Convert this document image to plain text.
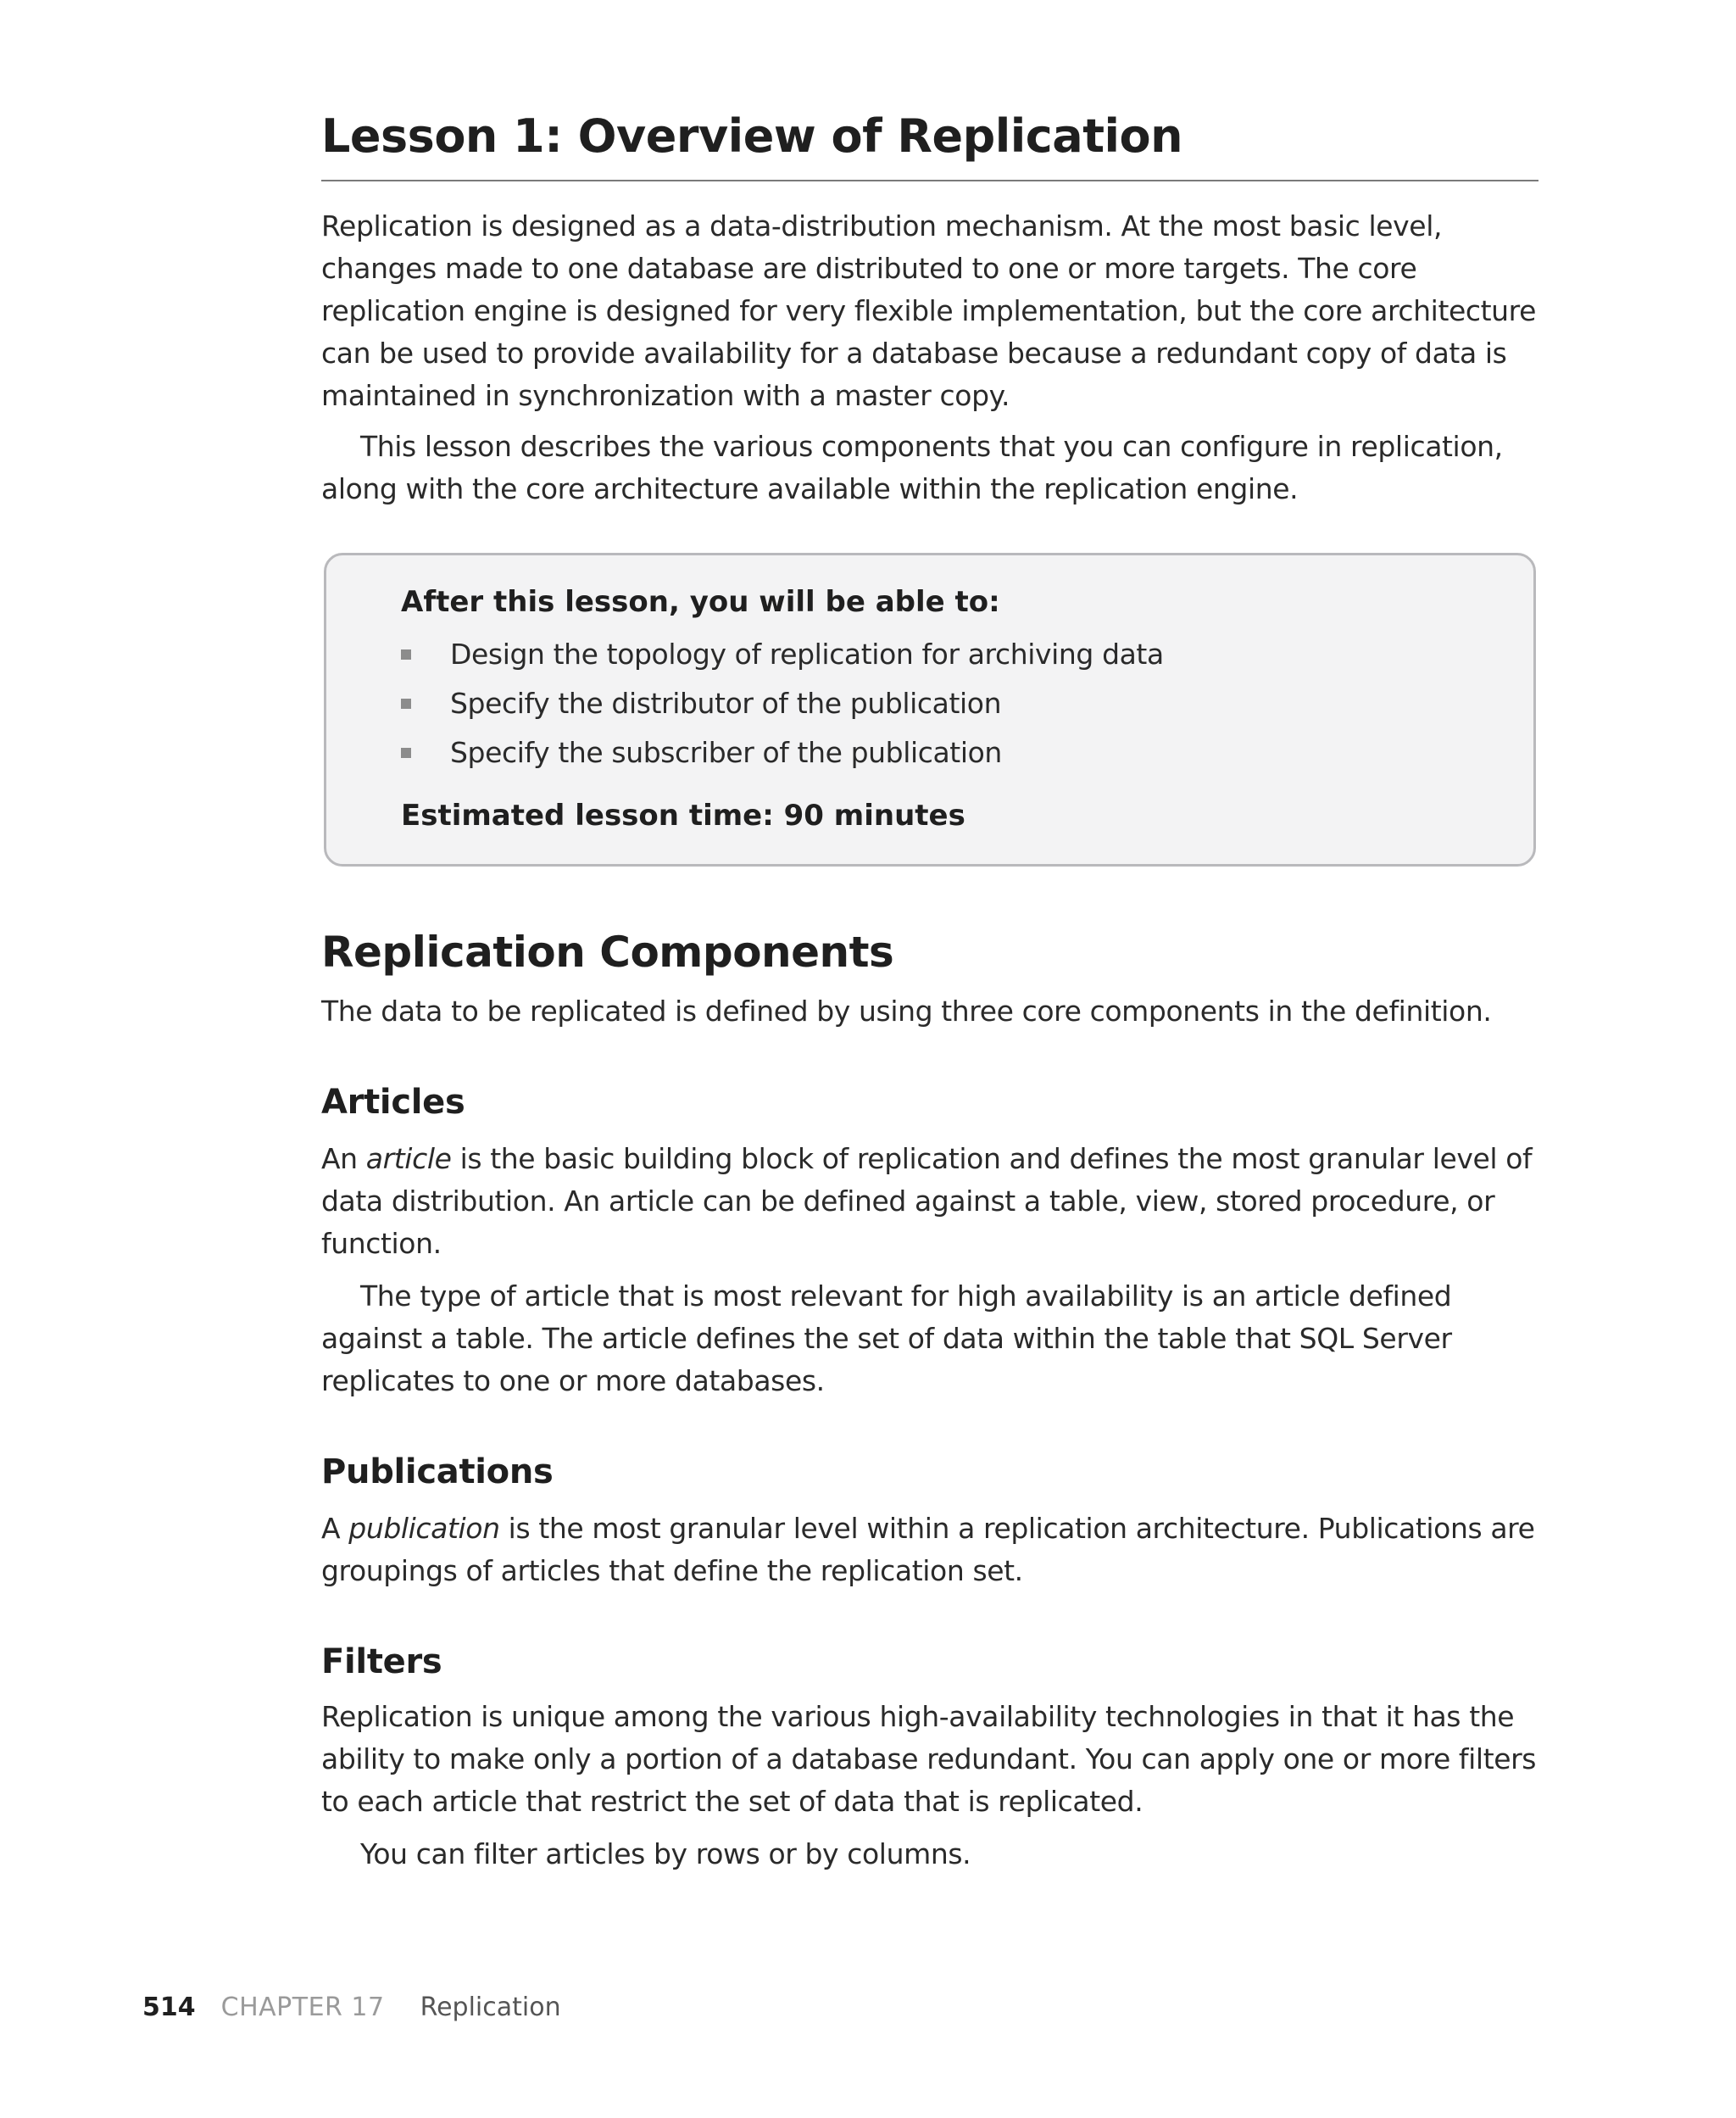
Lesson 1: Overview of Replication

Replication is designed as a data-distribution mechanism. At the most basic level, changes made to one database are distributed to one or more targets. The core replication engine is designed for very flexible implementation, but the core architecture can be used to provide availability for a database because a redundant copy of data is maintained in synchronization with a master copy.

This lesson describes the various components that you can configure in replication, along with the core architecture available within the replication engine.

After this lesson, you will be able to:

Design the topology of replication for archiving data
Specify the distributor of the publication
Specify the subscriber of the publication

Estimated lesson time: 90 minutes

Replication Components

The data to be replicated is defined by using three core components in the definition.

Articles

An article is the basic building block of replication and defines the most granular level of data distribution. An article can be defined against a table, view, stored procedure, or function.

The type of article that is most relevant for high availability is an article defined against a table. The article defines the set of data within the table that SQL Server replicates to one or more databases.

Publications

A publication is the most granular level within a replication architecture. Publications are groupings of articles that define the replication set.

Filters

Replication is unique among the various high-availability technologies in that it has the ability to make only a portion of a database redundant. You can apply one or more filters to each article that restrict the set of data that is replicated.

You can filter articles by rows or by columns.

514 CHAPTER 17 Replication
